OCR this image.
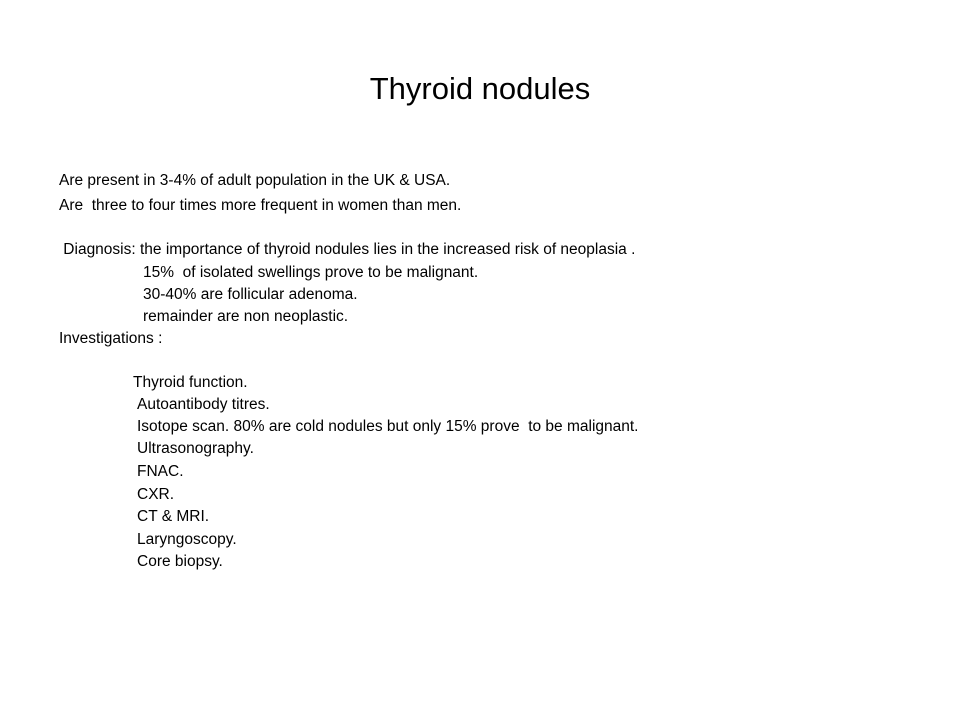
Thyroid nodules
Are present in 3-4% of adult population in the UK & USA.
Are  three to four times more frequent in women than men.
Diagnosis: the importance of thyroid nodules lies in the increased risk of neoplasia .
15%  of isolated swellings prove to be malignant.
30-40% are follicular adenoma.
remainder are non neoplastic.
Investigations :
Thyroid function.
Autoantibody titres.
Isotope scan. 80% are cold nodules but only 15% prove  to be malignant.
Ultrasonography.
FNAC.
CXR.
CT & MRI.
Laryngoscopy.
Core biopsy.
